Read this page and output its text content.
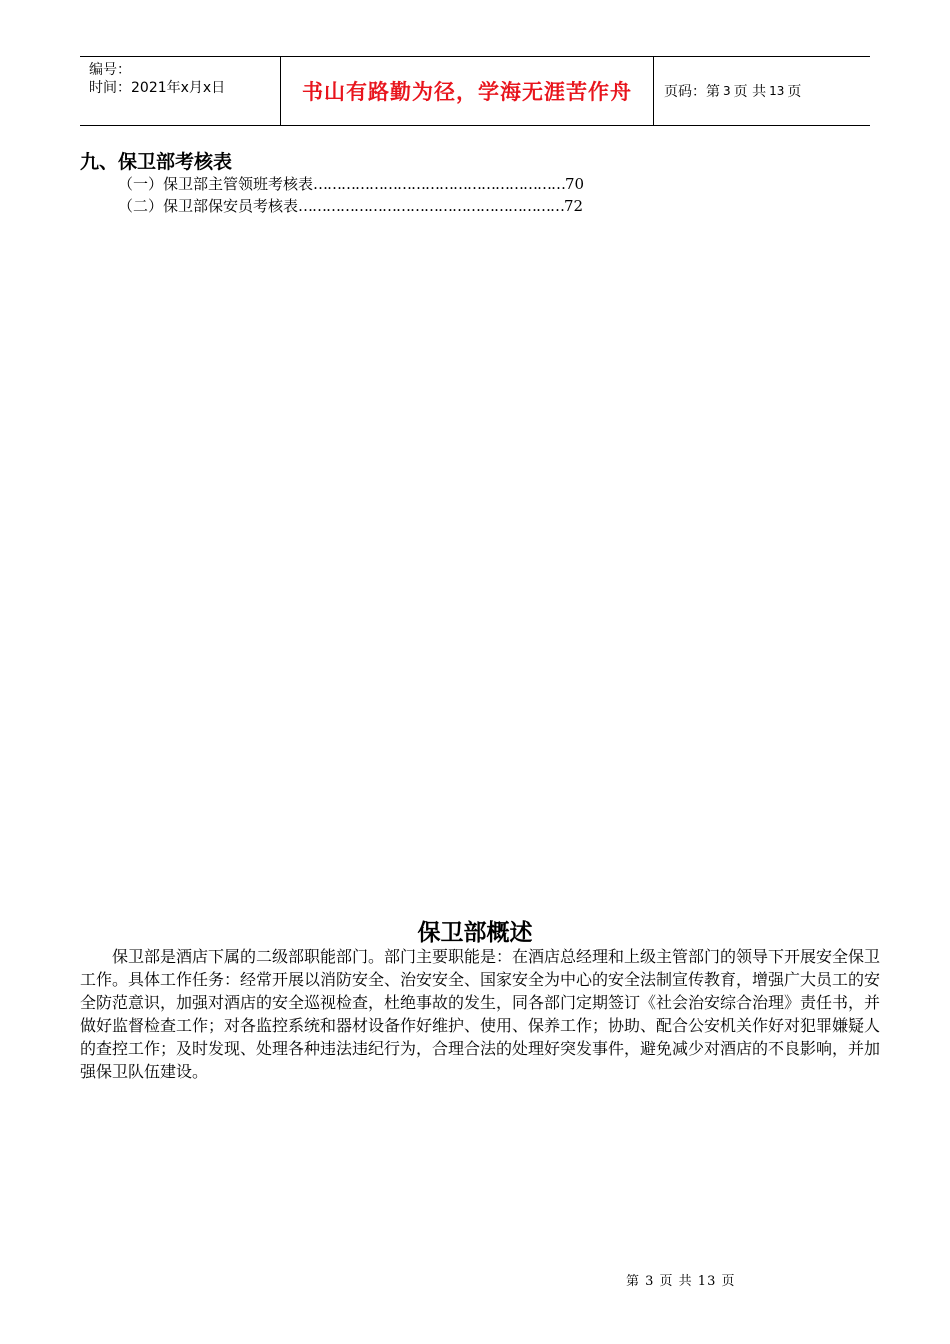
编号：
时间：2021年x月x日	书山有路勤为径，学海无涯苦作舟 页码：第 3 页 共 13 页
九、保卫部考核表
（一）保卫部主管领班考核表………………………………………………70
（二）保卫部保安员考核表…………………………………………………72
保卫部概述
保卫部是酒店下属的二级部职能部门。部门主要职能是：在酒店总经理和上级主管部门的领导下开展安全保卫工作。具体工作任务：经常开展以消防安全、治安安全、国家安全为中心的安全法制宣传教育，增强广大员工的安全防范意识，加强对酒店的安全巡视检查，杜绝事故的发生，同各部门定期签订《社会治安综合治理》责任书，并做好监督检查工作；对各监控系统和器材设备作好维护、使用、保养工作；协助、配合公安机关作好对犯罪嫌疑人的查控工作；及时发现、处理各种违法违纪行为，合理合法的处理好突发事件，避免减少对酒店的不良影响，并加强保卫队伍建设。
第 3 页 共 13 页
